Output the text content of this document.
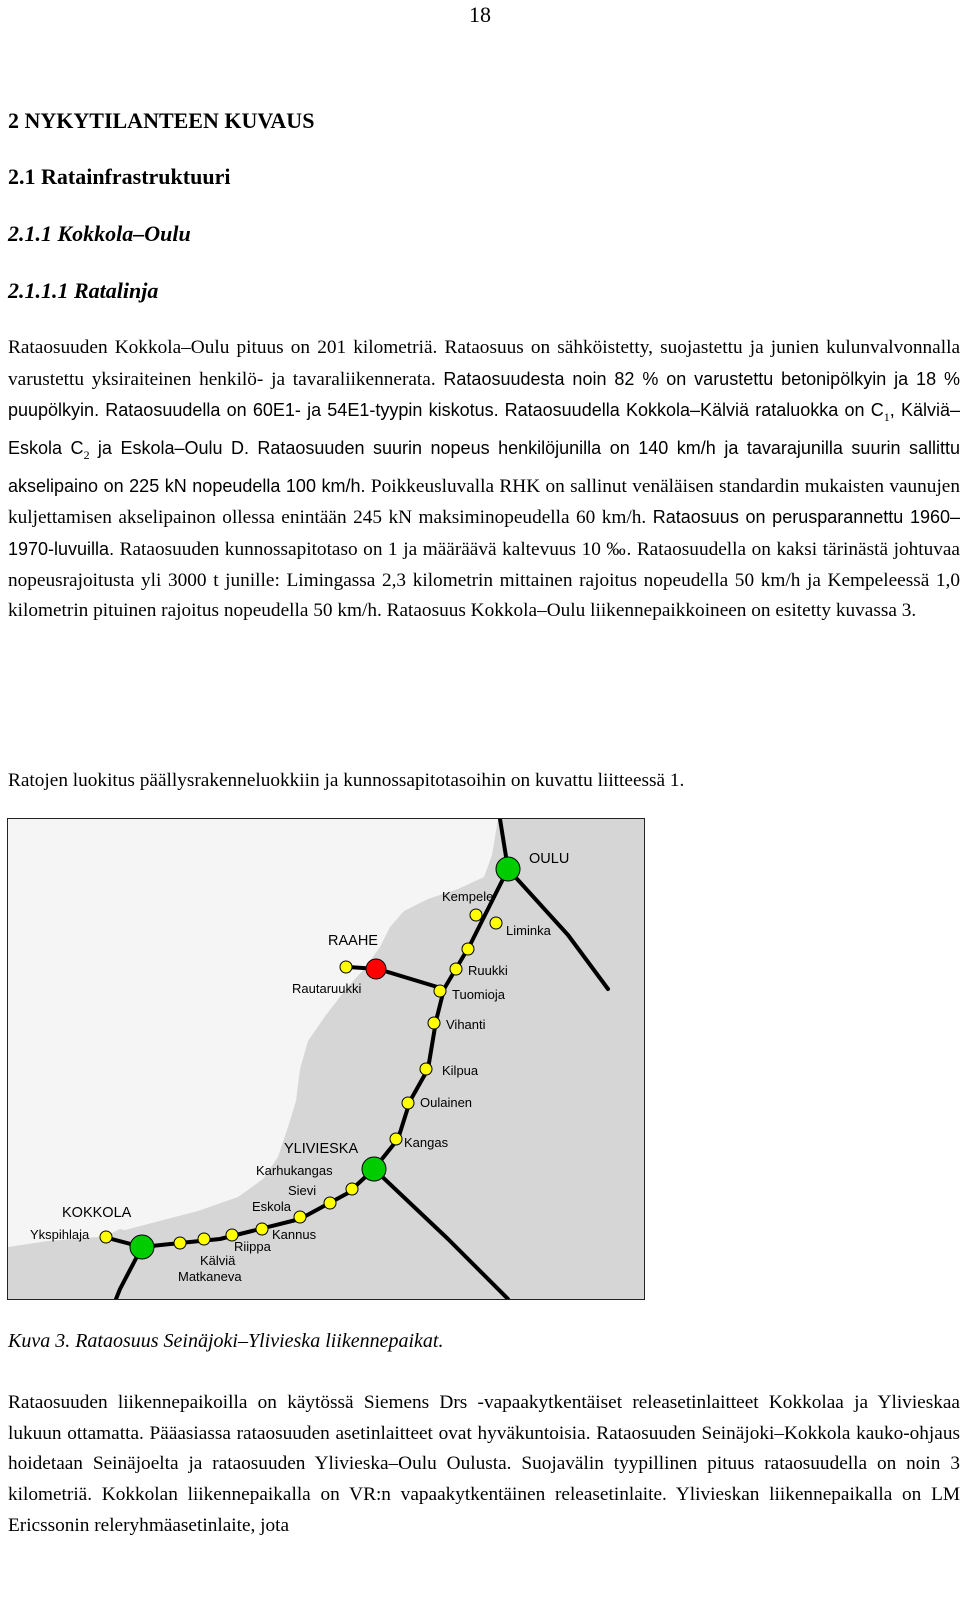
18
2 NYKYTILANTEEN KUVAUS
2.1 Ratainfrastruktuuri
2.1.1 Kokkola–Oulu
2.1.1.1 Ratalinja

Rataosuuden Kokkola–Oulu pituus on 201 kilometriä. Rataosuus on sähköistetty, suojastettu ja junien kulunvalvonnalla varustettu yksiraiteinen henkilö- ja tavaraliikennerata. Rataosuudesta noin 82 % on varustettu betonipölkyin ja 18 % puupölkyin. Rataosuudella on 60E1- ja 54E1-tyypin kiskotus. Rataosuudella Kokkola–Kälviä rataluokka on $C_1$, Kälviä–Eskola $C_2$ ja Eskola–Oulu D. Rataosuuden suurin nopeus henkilöjunilla on 140 km/h ja tavarajunilla suurin sallittu akselipaino on 225 kN nopeudella 100 km/h. Poikkeusluvalla RHK on sallinut venäläisen standardin mukaisten vaunujen kuljettamisen akselipainon ollessa enintään 245 kN maksiminopeudella 60 km/h. Rataosuus on perusparannettu 1960–1970-luvuilla. Rataosuuden kunnossapitotaso on 1 ja määräävä kaltevuus 10 ‰. Rataosuudella on kaksi tärinästä johtuvaa nopeusrajoitusta yli 3000 t junille: Limingassa 2,3 kilometrin mittainen rajoitus nopeudella 50 km/h ja Kempeleessä 1,0 kilometrin pituinen rajoitus nopeudella 50 km/h. Rataosuus Kokkola–Oulu liikennepaikkoineen on esitetty kuvassa 3.

Ratojen luokitus päällysrakenneluokkiin ja kunnossapitotasoihin on kuvattu liitteessä 1.

OULU
RAAHE
YLIVIESKA
KOKKOLA
Kempele
Liminka
Ruukki
Tuomioja
Vihanti
Rautaruukki
Kilpua
Oulainen
Kangas
Karhukangas
Sievi
Eskola
Kannus
Riippa
Kälviä
Matkaneva
Ykspihlaja

Kuva 3. Rataosuus Seinäjoki–Ylivieska liikennepaikat.

Rataosuuden liikennepaikoilla on käytössä Siemens Drs -vapaakytkentäiset releasetinlaitteet Kokkolaa ja Ylivieskaa lukuun ottamatta. Pääasiassa rataosuuden asetinlaitteet ovat hyväkuntoisia. Rataosuuden Seinäjoki–Kokkola kauko-ohjaus hoidetaan Seinäjoelta ja rataosuuden Ylivieska–Oulu Oulusta. Suojavälin tyypillinen pituus rataosuudella on noin 3 kilometriä. Kokkolan liikennepaikalla on VR:n vapaakytkentäinen releasetinlaite. Ylivieskan liikennepaikalla on LM Ericssonin releryhmäasetinlaite, jota
